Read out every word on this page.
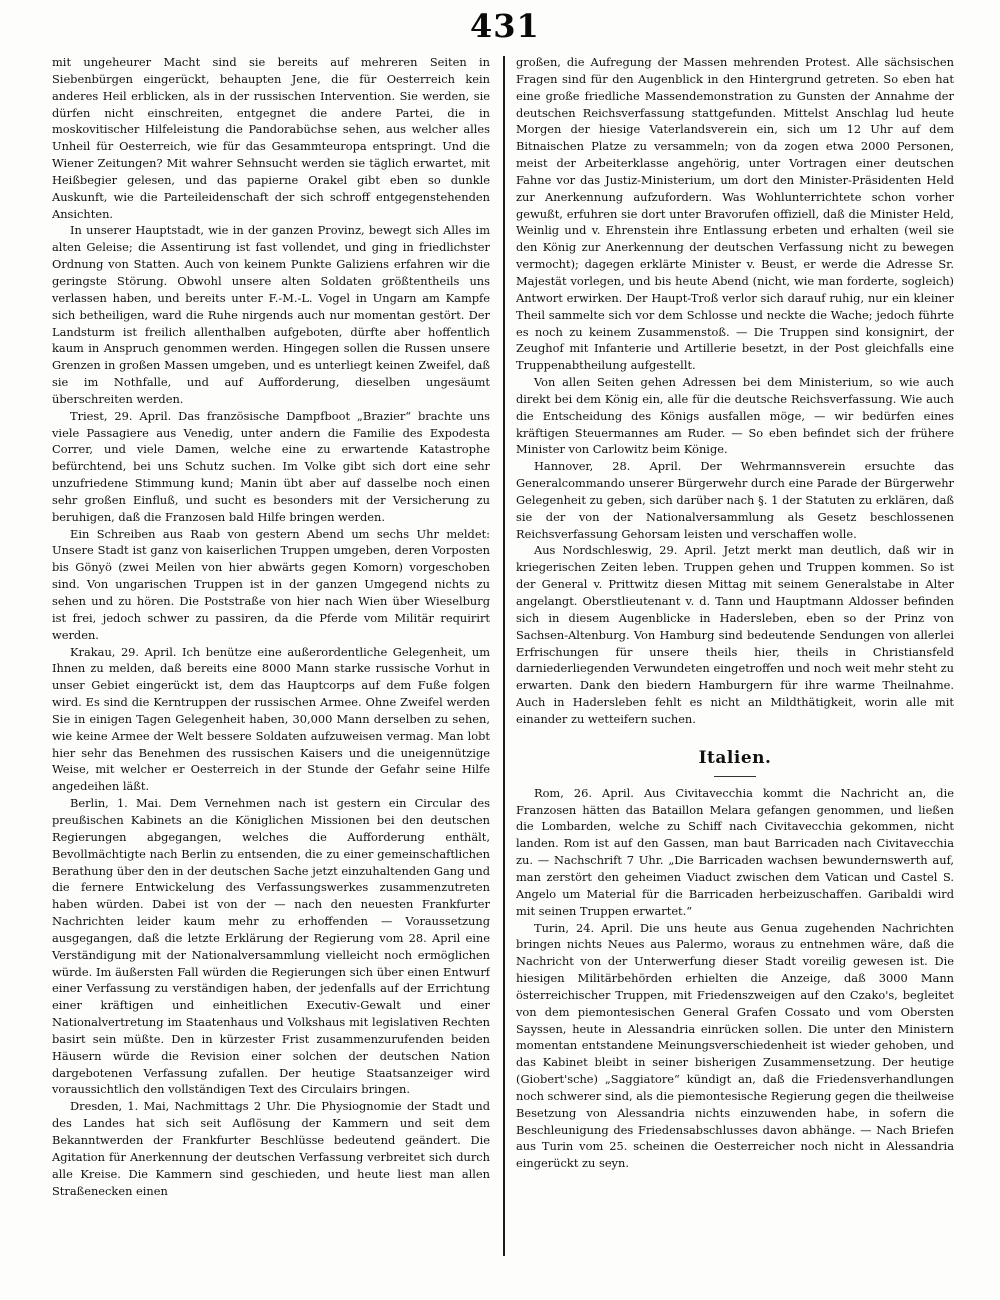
431

mit ungeheurer Macht sind sie bereits auf mehreren Seiten in Siebenbürgen eingerückt, behaupten Jene, die für Oesterreich kein anderes Heil erblicken, als in der russischen Intervention. Sie werden, sie dürfen nicht einschreiten, entgegnet die andere Partei, die in moskovitischer Hilfeleistung die Pandorabüchse sehen, aus welcher alles Unheil für Oesterreich, wie für das Gesammteuropa entspringt. Und die Wiener Zeitungen? Mit wahrer Sehnsucht werden sie täglich erwartet, mit Heißbegier gelesen, und das papierne Orakel gibt eben so dunkle Auskunft, wie die Parteileidenschaft der sich schroff entgegenstehenden Ansichten.

In unserer Hauptstadt, wie in der ganzen Provinz, bewegt sich Alles im alten Geleise; die Assentirung ist fast vollendet, und ging in friedlichster Ordnung von Statten. Auch von keinem Punkte Galiziens erfahren wir die geringste Störung. Obwohl unsere alten Soldaten größtentheils uns verlassen haben, und bereits unter F.-M.-L. Vogel in Ungarn am Kampfe sich betheiligen, ward die Ruhe nirgends auch nur momentan gestört. Der Landsturm ist freilich allenthalben aufgeboten, dürfte aber hoffentlich kaum in Anspruch genommen werden. Hingegen sollen die Russen unsere Grenzen in großen Massen umgeben, und es unterliegt keinen Zweifel, daß sie im Nothfalle, und auf Aufforderung, dieselben ungesäumt überschreiten werden.

Triest, 29. April. Das französische Dampfboot „Brazier“ brachte uns viele Passagiere aus Venedig, unter andern die Familie des Expodesta Correr, und viele Damen, welche eine zu erwartende Katastrophe befürchtend, bei uns Schutz suchen. Im Volke gibt sich dort eine sehr unzufriedene Stimmung kund; Manin übt aber auf dasselbe noch einen sehr großen Einfluß, und sucht es besonders mit der Versicherung zu beruhigen, daß die Franzosen bald Hilfe bringen werden.

Ein Schreiben aus Raab von gestern Abend um sechs Uhr meldet: Unsere Stadt ist ganz von kaiserlichen Truppen umgeben, deren Vorposten bis Gönyö (zwei Meilen von hier abwärts gegen Komorn) vorgeschoben sind. Von ungarischen Truppen ist in der ganzen Umgegend nichts zu sehen und zu hören. Die Poststraße von hier nach Wien über Wieselburg ist frei, jedoch schwer zu passiren, da die Pferde vom Militär requirirt werden.

Krakau, 29. April. Ich benütze eine außerordentliche Gelegenheit, um Ihnen zu melden, daß bereits eine 8000 Mann starke russische Vorhut in unser Gebiet eingerückt ist, dem das Hauptcorps auf dem Fuße folgen wird. Es sind die Kerntruppen der russischen Armee. Ohne Zweifel werden Sie in einigen Tagen Gelegenheit haben, 30,000 Mann derselben zu sehen, wie keine Armee der Welt bessere Soldaten aufzuweisen vermag. Man lobt hier sehr das Benehmen des russischen Kaisers und die uneigennützige Weise, mit welcher er Oesterreich in der Stunde der Gefahr seine Hilfe angedeihen läßt.

Berlin, 1. Mai. Dem Vernehmen nach ist gestern ein Circular des preußischen Kabinets an die Königlichen Missionen bei den deutschen Regierungen abgegangen, welches die Aufforderung enthält, Bevollmächtigte nach Berlin zu entsenden, die zu einer gemeinschaftlichen Berathung über den in der deutschen Sache jetzt einzuhaltenden Gang und die fernere Entwickelung des Verfassungswerkes zusammenzutreten haben würden. Dabei ist von der — nach den neuesten Frankfurter Nachrichten leider kaum mehr zu erhoffenden — Voraussetzung ausgegangen, daß die letzte Erklärung der Regierung vom 28. April eine Verständigung mit der Nationalversammlung vielleicht noch ermöglichen würde. Im äußersten Fall würden die Regierungen sich über einen Entwurf einer Verfassung zu verständigen haben, der jedenfalls auf der Errichtung einer kräftigen und einheitlichen Executiv-Gewalt und einer Nationalvertretung im Staatenhaus und Volkshaus mit legislativen Rechten basirt sein müßte. Den in kürzester Frist zusammenzurufenden beiden Häusern würde die Revision einer solchen der deutschen Nation dargebotenen Verfassung zufallen. Der heutige Staatsanzeiger wird voraussichtlich den vollständigen Text des Circulairs bringen.

Dresden, 1. Mai, Nachmittags 2 Uhr. Die Physiognomie der Stadt und des Landes hat sich seit Auflösung der Kammern und seit dem Bekanntwerden der Frankfurter Beschlüsse bedeutend geändert. Die Agitation für Anerkennung der deutschen Verfassung verbreitet sich durch alle Kreise. Die Kammern sind geschieden, und heute liest man allen Straßenecken einen

großen, die Aufregung der Massen mehrenden Protest. Alle sächsischen Fragen sind für den Augenblick in den Hintergrund getreten. So eben hat eine große friedliche Massendemonstration zu Gunsten der Annahme der deutschen Reichsverfassung stattgefunden. Mittelst Anschlag lud heute Morgen der hiesige Vaterlandsverein ein, sich um 12 Uhr auf dem Bitnaischen Platze zu versammeln; von da zogen etwa 2000 Personen, meist der Arbeiterklasse angehörig, unter Vortragen einer deutschen Fahne vor das Justiz-Ministerium, um dort den Minister-Präsidenten Held zur Anerkennung aufzufordern. Was Wohlunterrichtete schon vorher gewußt, erfuhren sie dort unter Bravorufen offiziell, daß die Minister Held, Weinlig und v. Ehrenstein ihre Entlassung erbeten und erhalten (weil sie den König zur Anerkennung der deutschen Verfassung nicht zu bewegen vermocht); dagegen erklärte Minister v. Beust, er werde die Adresse Sr. Majestät vorlegen, und bis heute Abend (nicht, wie man forderte, sogleich) Antwort erwirken. Der Haupt-Troß verlor sich darauf ruhig, nur ein kleiner Theil sammelte sich vor dem Schlosse und neckte die Wache; jedoch führte es noch zu keinem Zusammenstoß. — Die Truppen sind konsignirt, der Zeughof mit Infanterie und Artillerie besetzt, in der Post gleichfalls eine Truppenabtheilung aufgestellt.

Von allen Seiten gehen Adressen bei dem Ministerium, so wie auch direkt bei dem König ein, alle für die deutsche Reichsverfassung. Wie auch die Entscheidung des Königs ausfallen möge, — wir bedürfen eines kräftigen Steuermannes am Ruder. — So eben befindet sich der frühere Minister von Carlowitz beim Könige.

Hannover, 28. April. Der Wehrmannsverein ersuchte das Generalcommando unserer Bürgerwehr durch eine Parade der Bürgerwehr Gelegenheit zu geben, sich darüber nach §. 1 der Statuten zu erklären, daß sie der von der Nationalversammlung als Gesetz beschlossenen Reichsverfassung Gehorsam leisten und verschaffen wolle.

Aus Nordschleswig, 29. April. Jetzt merkt man deutlich, daß wir in kriegerischen Zeiten leben. Truppen gehen und Truppen kommen. So ist der General v. Prittwitz diesen Mittag mit seinem Generalstabe in Alter angelangt. Oberstlieutenant v. d. Tann und Hauptmann Aldosser befinden sich in diesem Augenblicke in Hadersleben, eben so der Prinz von Sachsen-Altenburg. Von Hamburg sind bedeutende Sendungen von allerlei Erfrischungen für unsere theils hier, theils in Christiansfeld darniederliegenden Verwundeten eingetroffen und noch weit mehr steht zu erwarten. Dank den biedern Hamburgern für ihre warme Theilnahme. Auch in Hadersleben fehlt es nicht an Mildthätigkeit, worin alle mit einander zu wetteifern suchen.

Italien.

Rom, 26. April. Aus Civitavecchia kommt die Nachricht an, die Franzosen hätten das Bataillon Melara gefangen genommen, und ließen die Lombarden, welche zu Schiff nach Civitavecchia gekommen, nicht landen. Rom ist auf den Gassen, man baut Barricaden nach Civitavecchia zu. — Nachschrift 7 Uhr. „Die Barricaden wachsen bewundernswerth auf, man zerstört den geheimen Viaduct zwischen dem Vatican und Castel S. Angelo um Material für die Barricaden herbeizuschaffen. Garibaldi wird mit seinen Truppen erwartet.“

Turin, 24. April. Die uns heute aus Genua zugehenden Nachrichten bringen nichts Neues aus Palermo, woraus zu entnehmen wäre, daß die Nachricht von der Unterwerfung dieser Stadt voreilig gewesen ist. Die hiesigen Militärbehörden erhielten die Anzeige, daß 3000 Mann österreichischer Truppen, mit Friedenszweigen auf den Czako's, begleitet von dem piemontesischen General Grafen Cossato und vom Obersten Sayssen, heute in Alessandria einrücken sollen. Die unter den Ministern momentan entstandene Meinungsverschiedenheit ist wieder gehoben, und das Kabinet bleibt in seiner bisherigen Zusammensetzung. Der heutige (Giobert'sche) „Saggiatore“ kündigt an, daß die Friedensverhandlungen noch schwerer sind, als die piemontesische Regierung gegen die theilweise Besetzung von Alessandria nichts einzuwenden habe, in sofern die Beschleunigung des Friedensabschlusses davon abhänge. — Nach Briefen aus Turin vom 25. scheinen die Oesterreicher noch nicht in Alessandria eingerückt zu seyn.
